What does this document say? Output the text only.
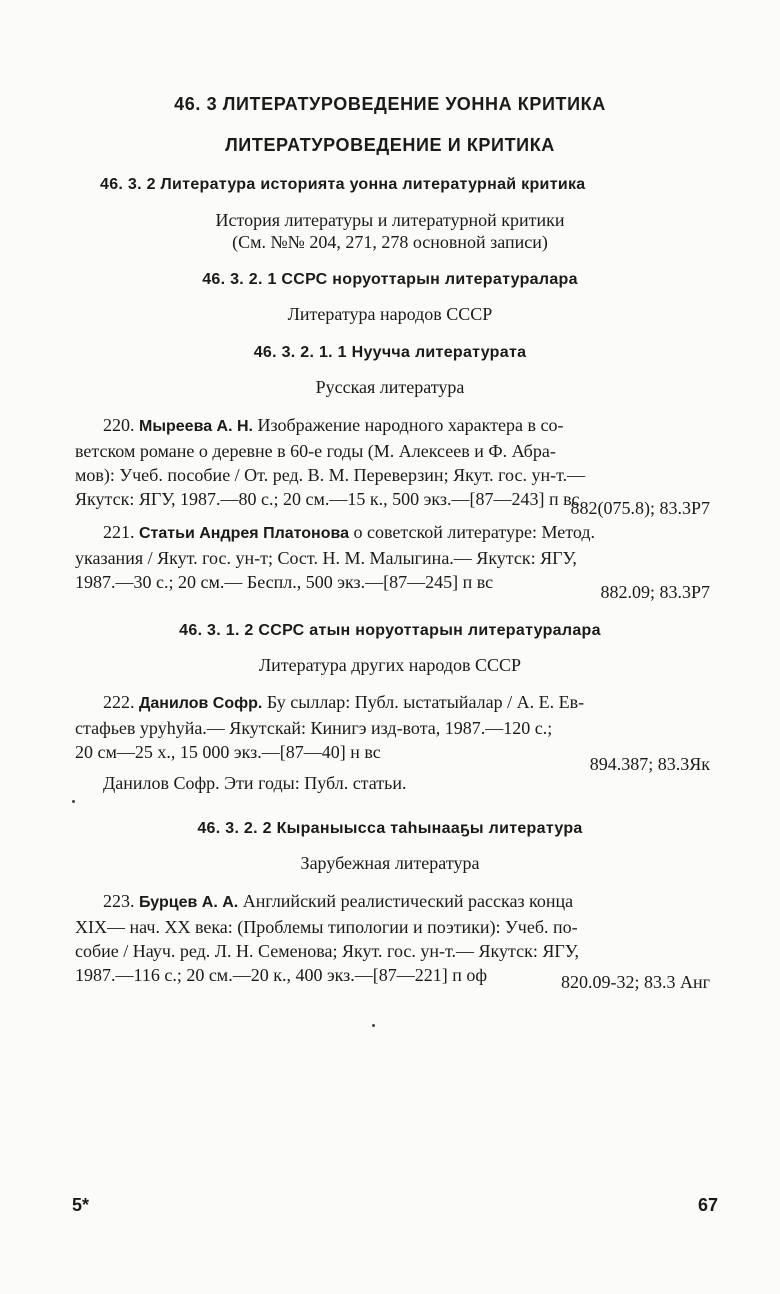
46. 3 ЛИТЕРАТУРОВЕДЕНИЕ УОННА КРИТИКА
ЛИТЕРАТУРОВЕДЕНИЕ И КРИТИКА
46. 3. 2 Литература историята уонна литературнай критика
История литературы и литературной критики
(См. №№ 204, 271, 278 основной записи)
46. 3. 2. 1 ССРС норуоттарын литературалара
Литература народов СССР
46. 3. 2. 1. 1 Нуучча литературата
Русская литература
220. Мыреева А. Н. Изображение народного характера в со-
ветском романе о деревне в 60-е годы (М. Алексеев и Ф. Абра-
мов): Учеб. пособие / От. ред. В. М. Переверзин; Якут. гос. ун-т.—
Якутск: ЯГУ, 1987.—80 с.; 20 см.—15 к., 500 экз.—[87—243] п вс
882(075.8); 83.3Р7
221. Статьи Андрея Платонова о советской литературе: Метод.
указания / Якут. гос. ун-т; Сост. Н. М. Малыгина.— Якутск: ЯГУ,
1987.—30 с.; 20 см.— Беспл., 500 экз.—[87—245] п вс	882.09; 83.3Р7
46. 3. 1. 2 ССРС атын норуоттарын литературалара
Литература других народов СССР
222. Данилов Софр. Бу сыллар: Публ. ыстатыйалар / А. Е. Ев-
стафьев уруһуйа.— Якутскай: Кинигэ изд-вота, 1987.—120 с.;
20 см—25 х., 15 000 экз.—[87—40] н вс
894.387; 83.3Як
Данилов Софр. Эти годы: Публ. статьи.
46. 3. 2. 2 Кыраныысса таһынааҕы литература
Зарубежная литература
223. Бурцев А. А. Английский реалистический рассказ конца
XIX— нач. XX века: (Проблемы типологии и поэтики): Учеб. по-
собие / Науч. ред. Л. Н. Семенова; Якут. гос. ун-т.— Якутск: ЯГУ,
1987.—116 с.; 20 см.—20 к., 400 экз.—[87—221] п оф	820.09-32; 83.3 Анг
5*	67
